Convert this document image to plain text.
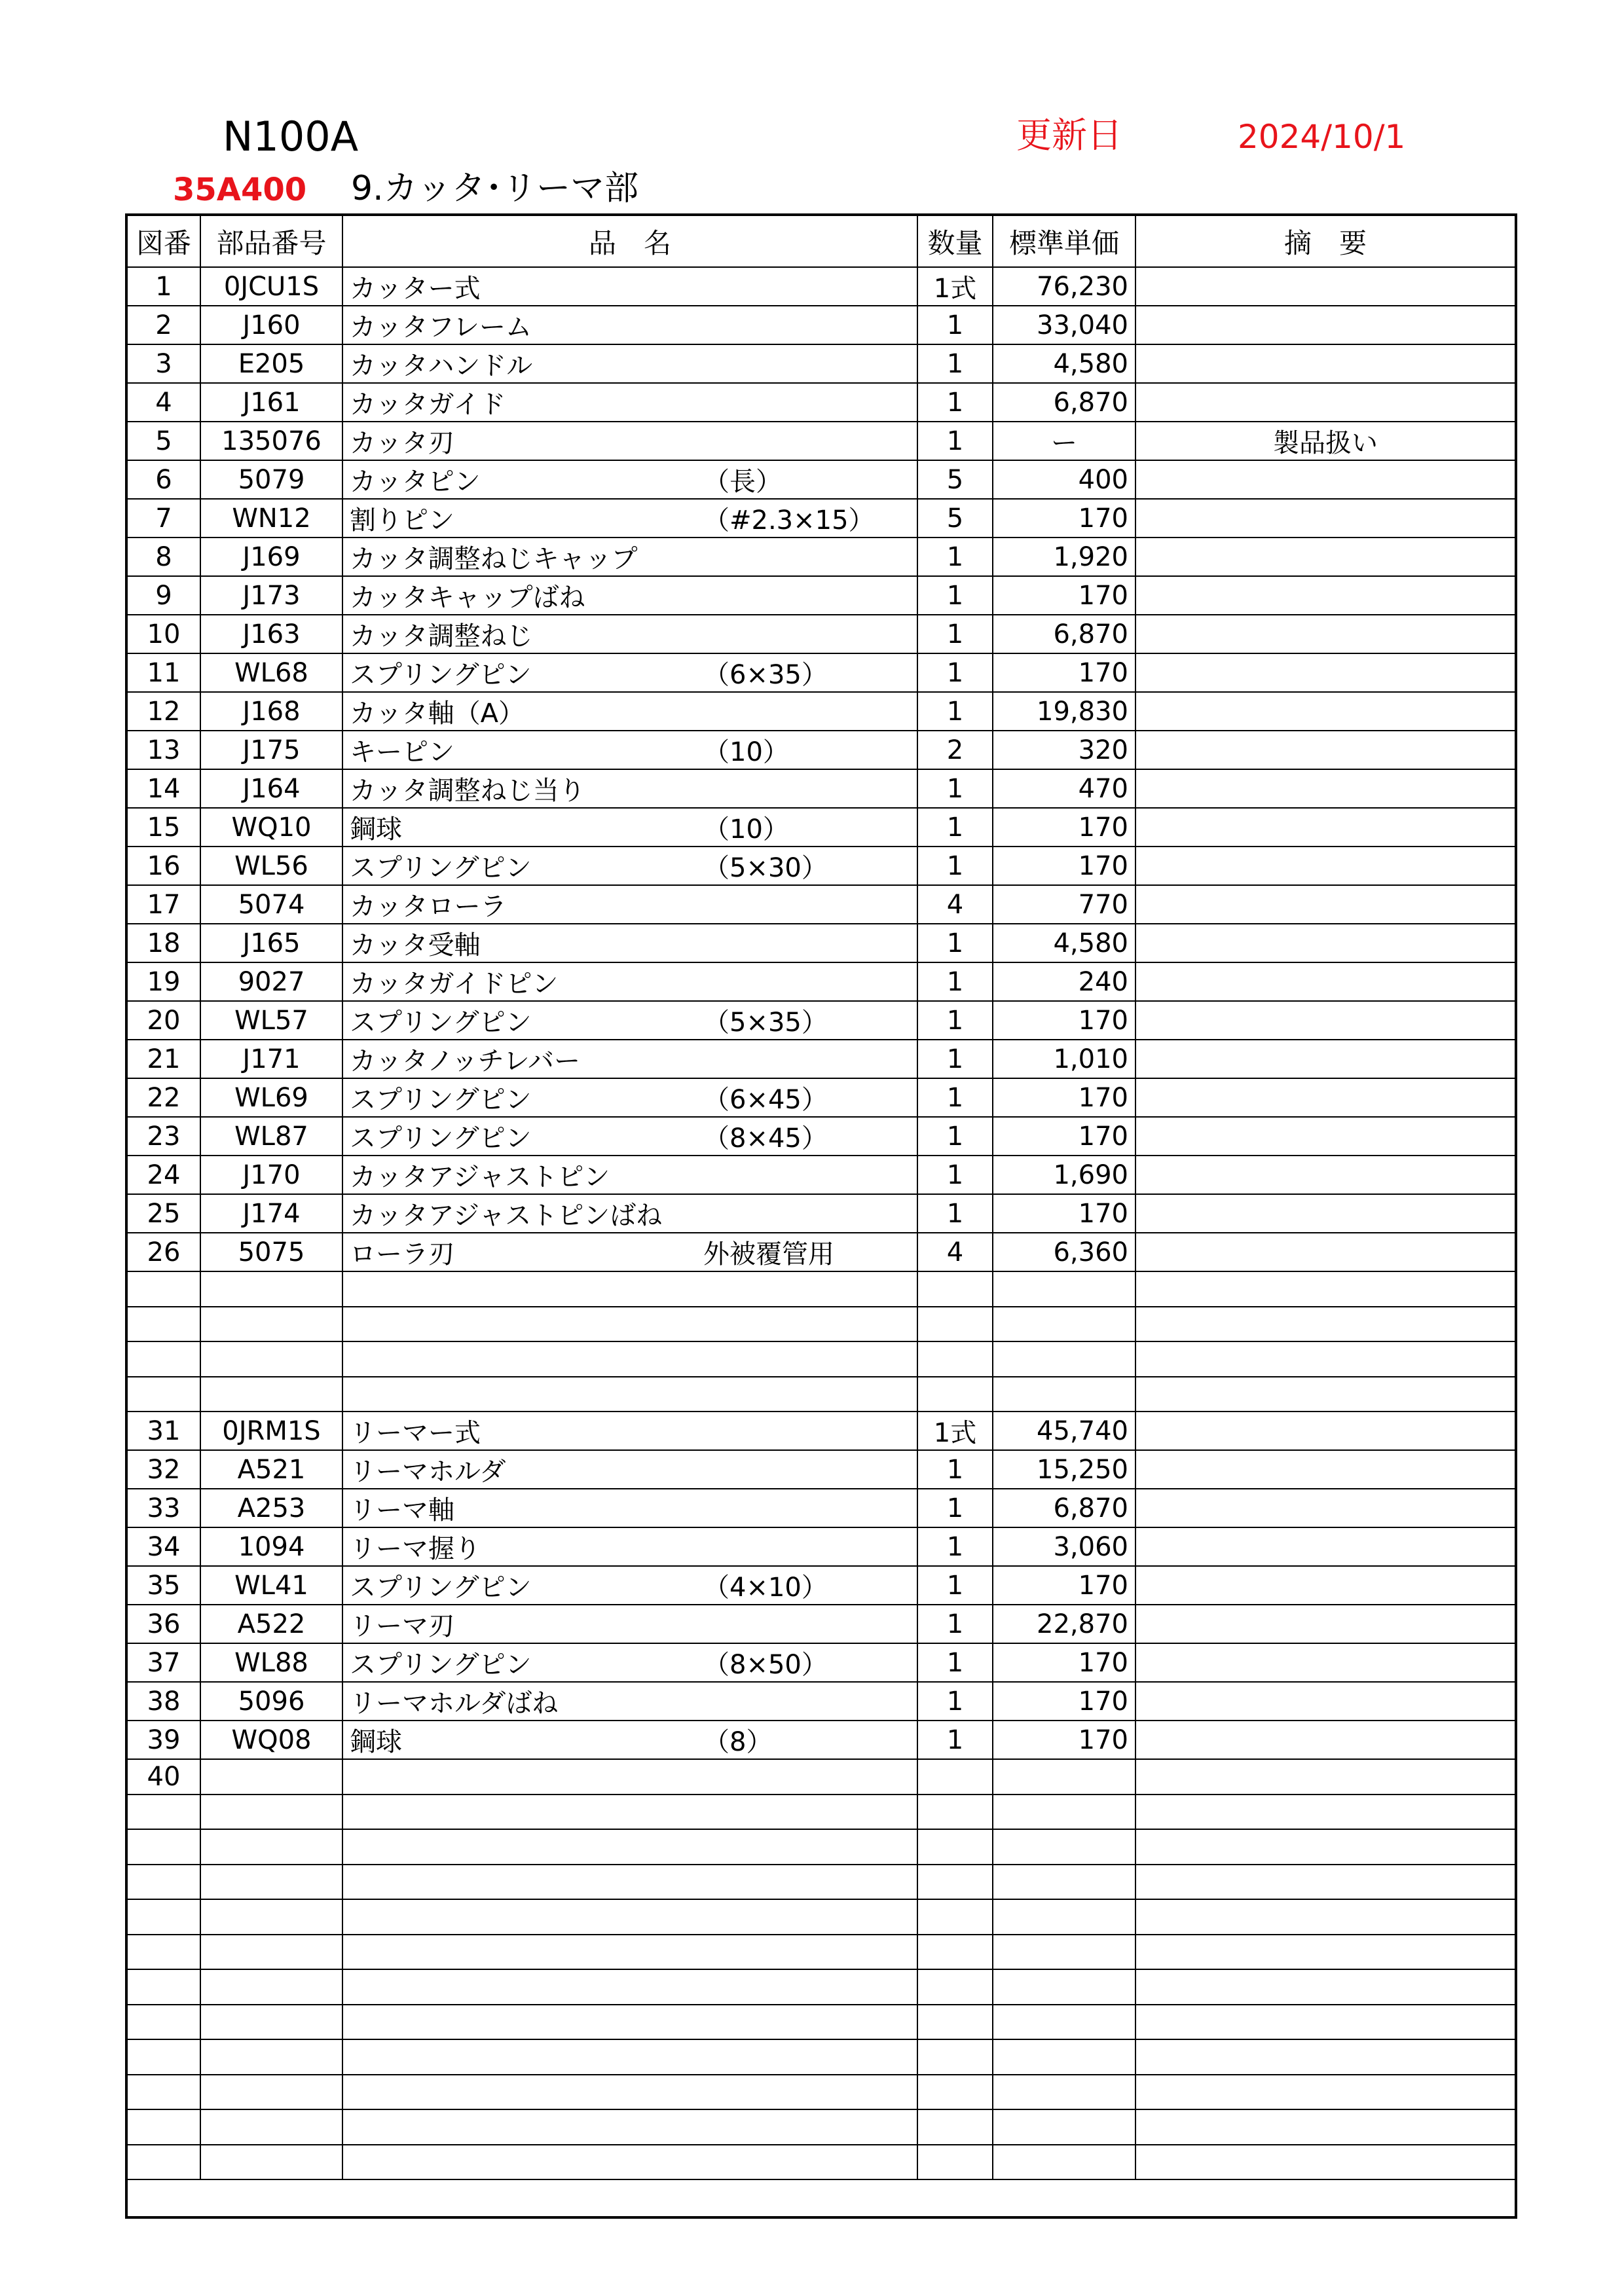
N100A	更新日	2024/10/1
35A400 9.カッタ･リーマ部
図番	部品番号	品　名	数量	標準単価	摘　要
1	0JCU1S	カッター式	1式	76,230	
2	J160	カッタフレーム	1	33,040	
3	E205	カッタハンドル	1	4,580	
4	J161	カッタガイド	1	6,870	
5	135076	カッタ刃	1	ー	製品扱い
6	5079	カッタピン （長）	5	400	
7	WN12	割りピン （#2.3×15）	5	170	
8	J169	カッタ調整ねじキャップ	1	1,920	
9	J173	カッタキャップばね	1	170	
10	J163	カッタ調整ねじ	1	6,870	
11	WL68	スプリングピン （6×35）	1	170	
12	J168	カッタ軸（A）	1	19,830	
13	J175	キーピン （10）	2	320	
14	J164	カッタ調整ねじ当り	1	470	
15	WQ10	鋼球 （10）	1	170	
16	WL56	スプリングピン （5×30）	1	170	
17	5074	カッタローラ	4	770	
18	J165	カッタ受軸	1	4,580	
19	9027	カッタガイドピン	1	240	
20	WL57	スプリングピン （5×35）	1	170	
21	J171	カッタノッチレバー	1	1,010	
22	WL69	スプリングピン （6×45）	1	170	
23	WL87	スプリングピン （8×45）	1	170	
24	J170	カッタアジャストピン	1	1,690	
25	J174	カッタアジャストピンばね	1	170	
26	5075	ローラ刃 外被覆管用	4	6,360	

31	0JRM1S	リーマー式	1式	45,740	
32	A521	リーマホルダ	1	15,250	
33	A253	リーマ軸	1	6,870	
34	1094	リーマ握り	1	3,060	
35	WL41	スプリングピン （4×10）	1	170	
36	A522	リーマ刃	1	22,870	
37	WL88	スプリングピン （8×50）	1	170	
38	5096	リーマホルダばね	1	170	
39	WQ08	鋼球 （8）	1	170	
40					
